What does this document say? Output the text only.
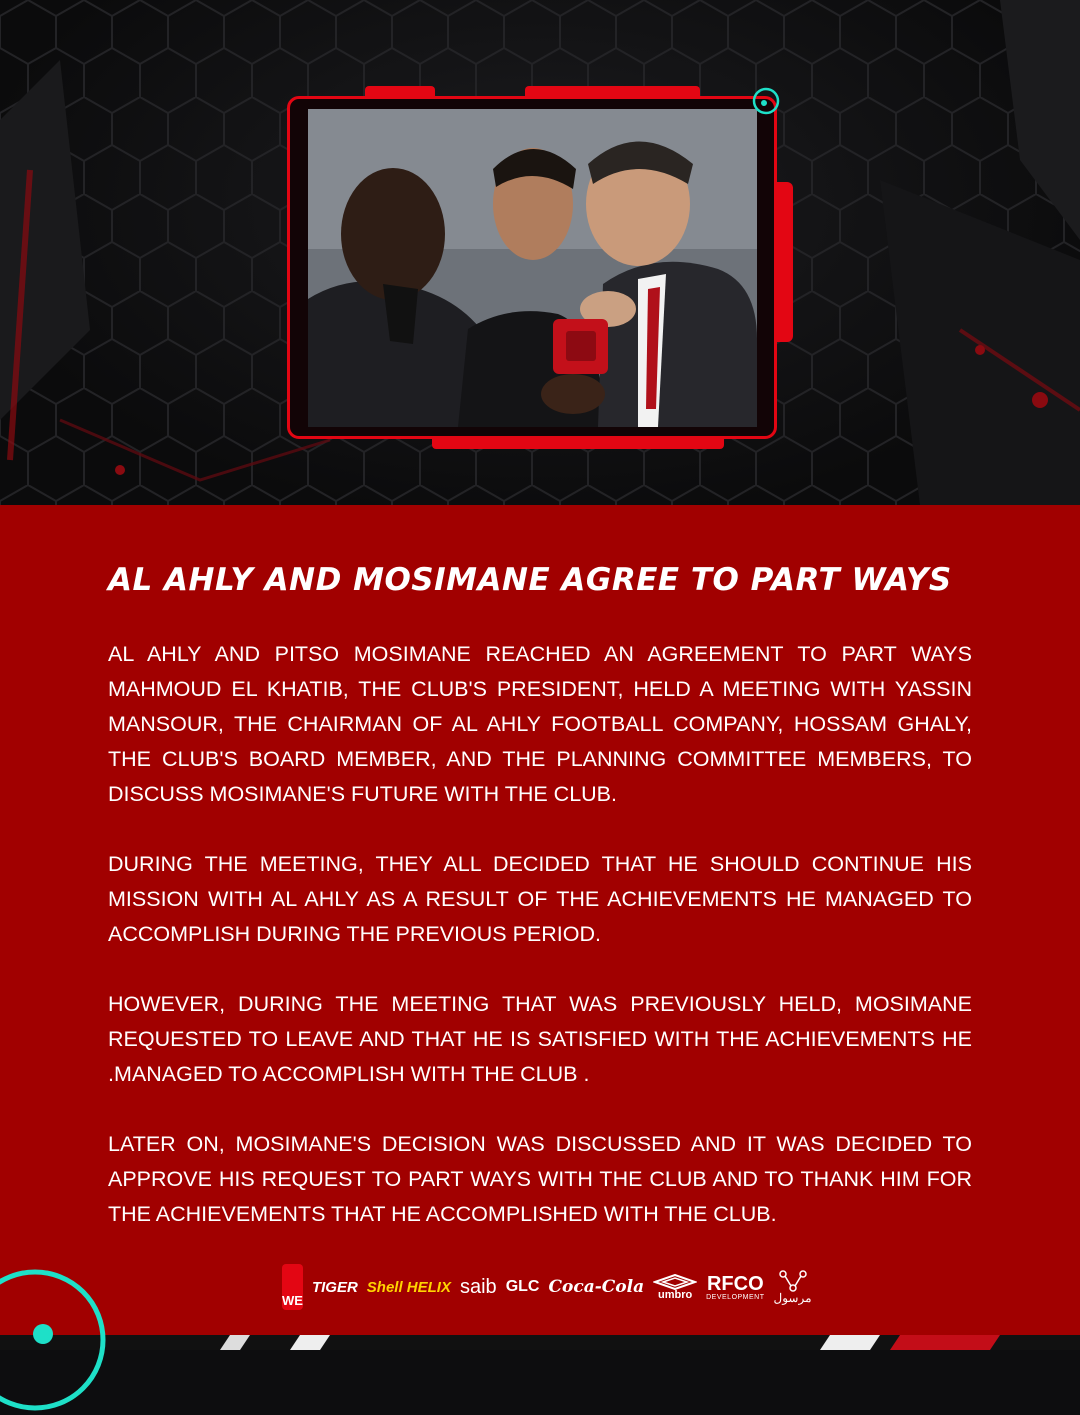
AL AHLY AND MOSIMANE AGREE TO PART WAYS

AL AHLY AND PITSO MOSIMANE REACHED AN AGREEMENT TO PART WAYS MAHMOUD EL KHATIB, THE CLUB'S PRESIDENT, HELD A MEETING WITH YASSIN MANSOUR, THE CHAIRMAN OF AL AHLY FOOTBALL COMPANY, HOSSAM GHALY, THE CLUB'S BOARD MEMBER, AND THE PLANNING COMMITTEE MEMBERS, TO DISCUSS MOSIMANE'S FUTURE WITH THE CLUB.

DURING THE MEETING, THEY ALL DECIDED THAT HE SHOULD CONTINUE HIS MISSION WITH AL AHLY AS A RESULT OF THE ACHIEVEMENTS HE MANAGED TO ACCOMPLISH DURING THE PREVIOUS PERIOD.

HOWEVER, DURING THE MEETING THAT WAS PREVIOUSLY HELD, MOSIMANE REQUESTED TO LEAVE AND THAT HE IS SATISFIED WITH THE ACHIEVEMENTS HE .MANAGED TO ACCOMPLISH WITH THE CLUB .

LATER ON, MOSIMANE'S DECISION WAS DISCUSSED AND IT WAS DECIDED TO APPROVE HIS REQUEST TO PART WAYS WITH THE CLUB AND TO THANK HIM FOR THE ACHIEVEMENTS THAT HE ACCOMPLISHED WITH THE CLUB.

WE
TIGER Shell HELIX saib GLC Coca-Cola umbro RFCO
DEVELOPMENT مرسول
